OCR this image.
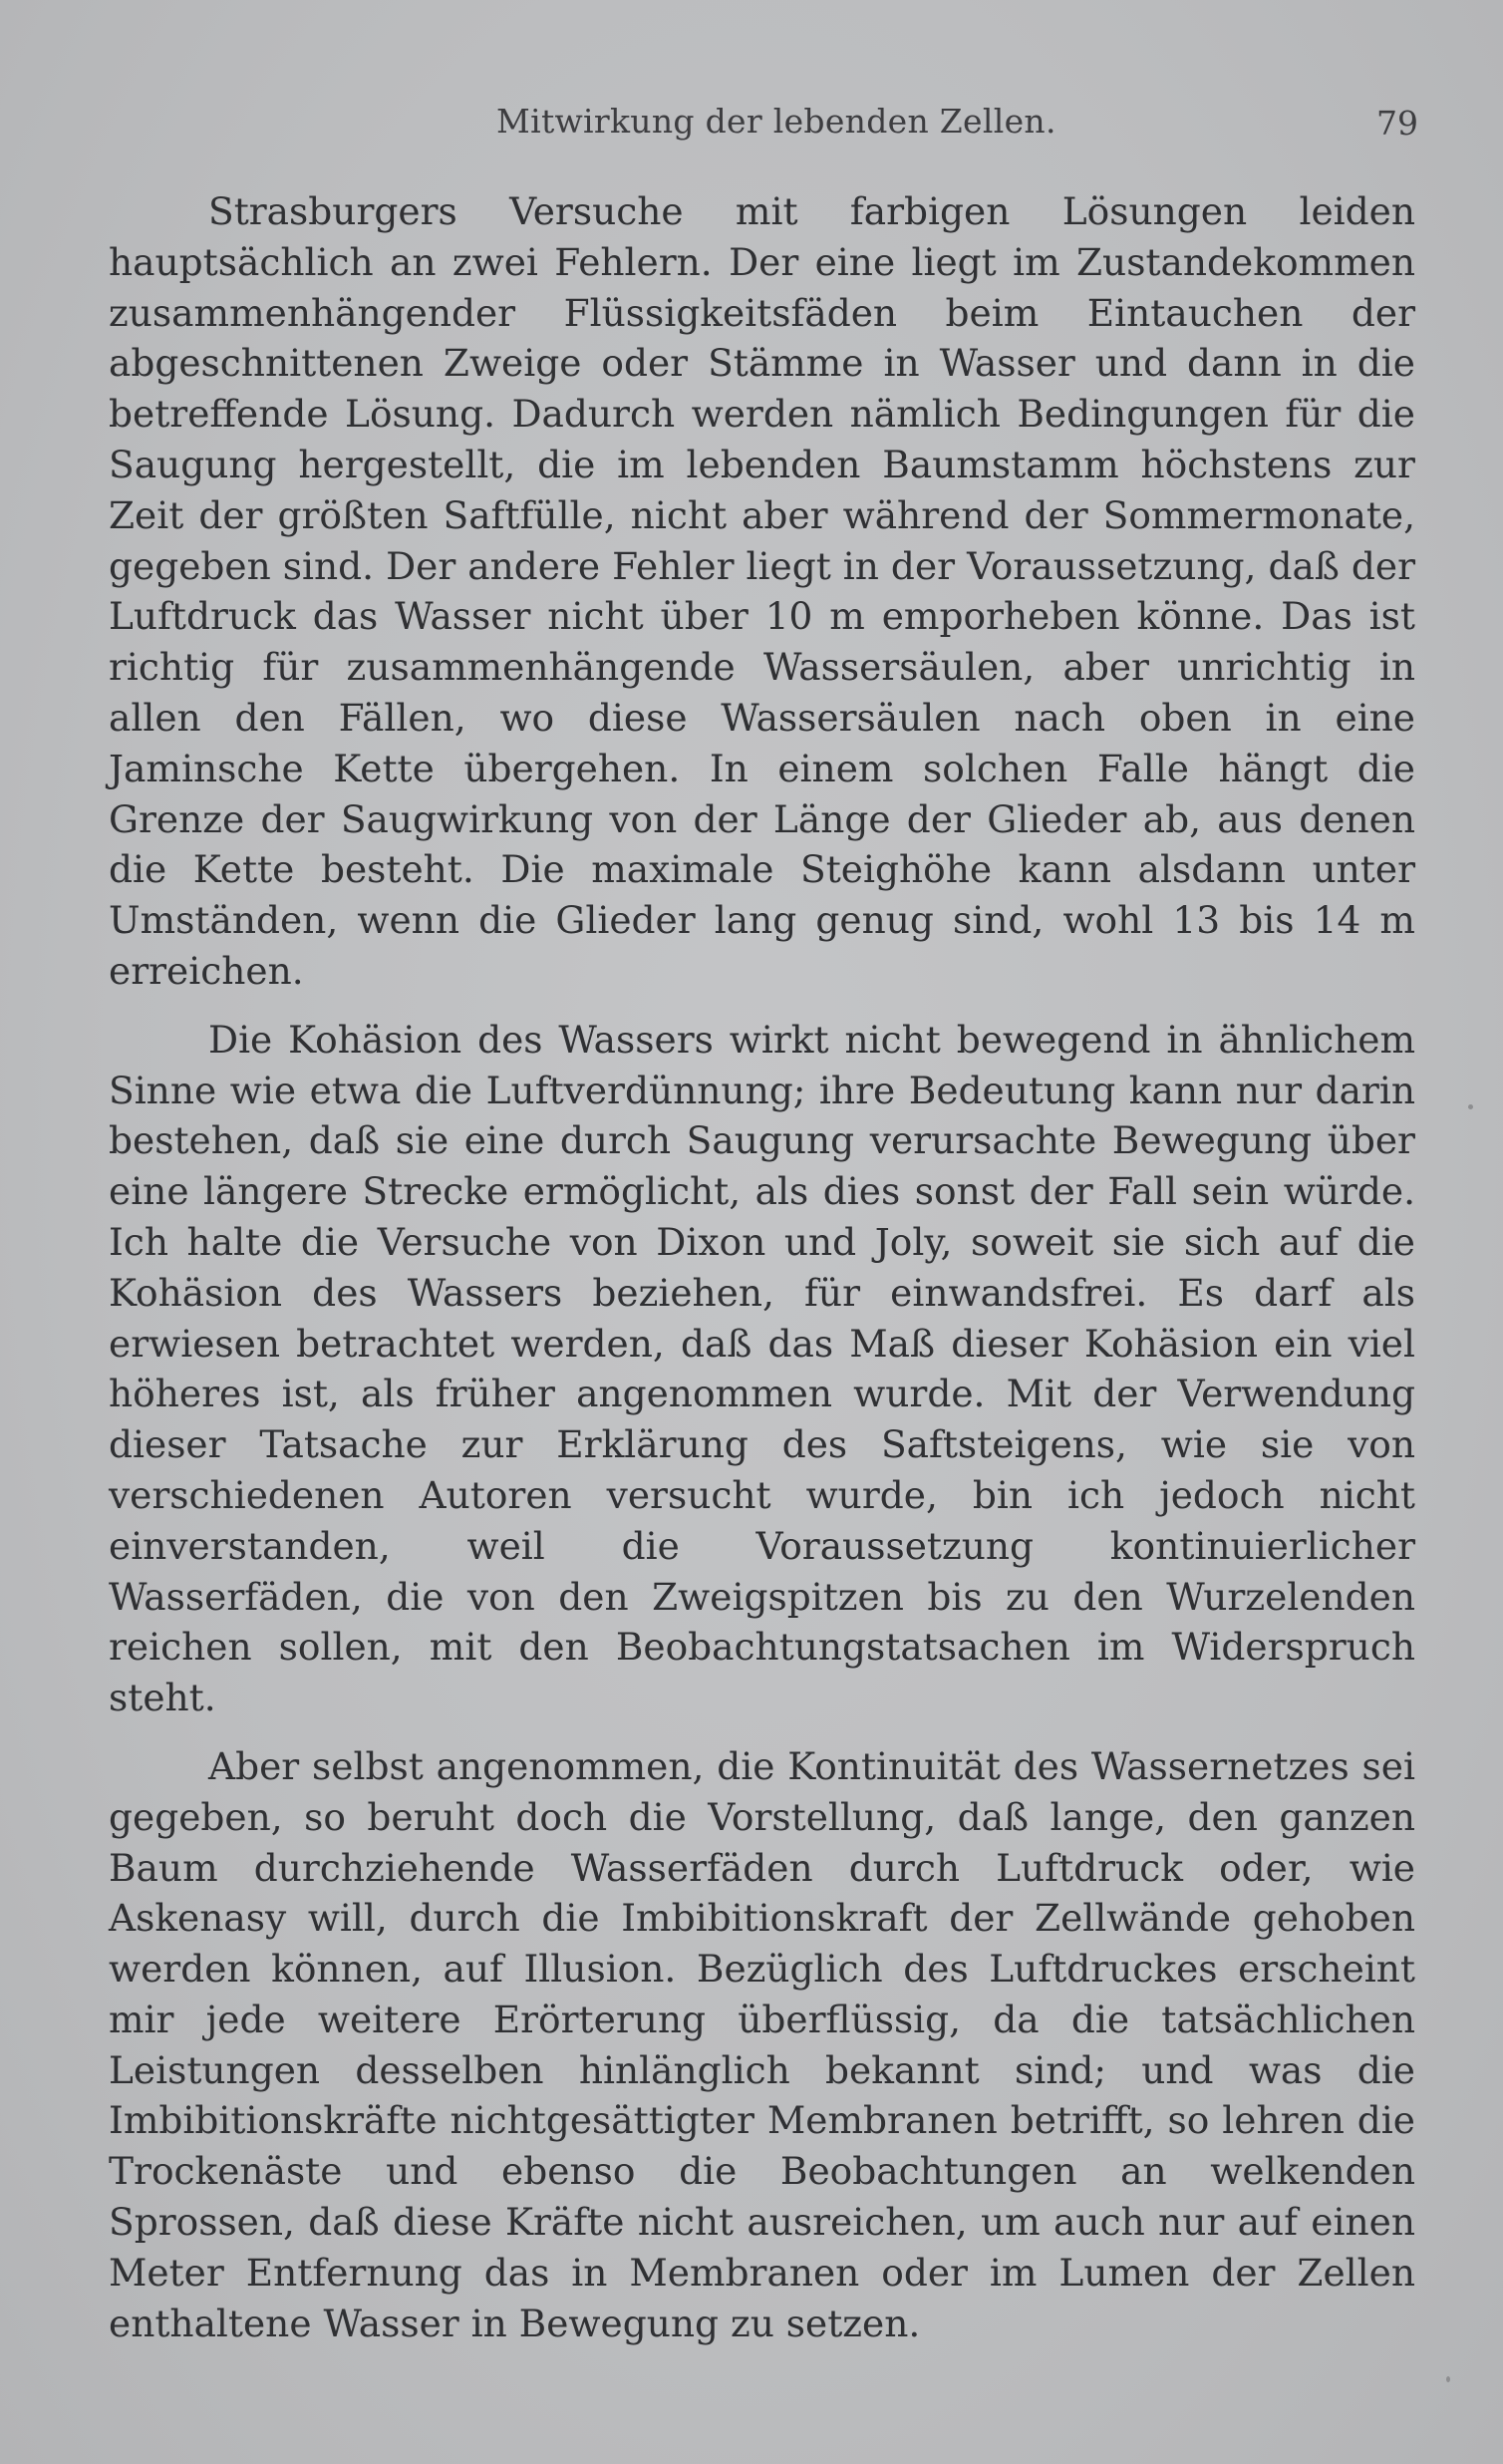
Mitwirkung der lebenden Zellen.	79

Strasburgers Versuche mit farbigen Lösungen leiden hauptsächlich an zwei Fehlern. Der eine liegt im Zustandekommen zusammenhängender Flüssigkeitsfäden beim Eintauchen der abgeschnittenen Zweige oder Stämme in Wasser und dann in die betreffende Lösung. Dadurch werden nämlich Bedingungen für die Saugung hergestellt, die im lebenden Baumstamm höchstens zur Zeit der größten Saftfülle, nicht aber während der Sommermonate, gegeben sind. Der andere Fehler liegt in der Voraussetzung, daß der Luftdruck das Wasser nicht über 10 m emporheben könne. Das ist richtig für zusammenhängende Wassersäulen, aber unrichtig in allen den Fällen, wo diese Wassersäulen nach oben in eine Jaminsche Kette übergehen. In einem solchen Falle hängt die Grenze der Saugwirkung von der Länge der Glieder ab, aus denen die Kette besteht. Die maximale Steighöhe kann alsdann unter Umständen, wenn die Glieder lang genug sind, wohl 13 bis 14 m erreichen.

Die Kohäsion des Wassers wirkt nicht bewegend in ähnlichem Sinne wie etwa die Luftverdünnung; ihre Bedeutung kann nur darin bestehen, daß sie eine durch Saugung verursachte Bewegung über eine längere Strecke ermöglicht, als dies sonst der Fall sein würde. Ich halte die Versuche von Dixon und Joly, soweit sie sich auf die Kohäsion des Wassers beziehen, für einwandsfrei. Es darf als erwiesen betrachtet werden, daß das Maß dieser Kohäsion ein viel höheres ist, als früher angenommen wurde. Mit der Verwendung dieser Tatsache zur Erklärung des Saftsteigens, wie sie von verschiedenen Autoren versucht wurde, bin ich jedoch nicht einverstanden, weil die Voraussetzung kontinuierlicher Wasserfäden, die von den Zweigspitzen bis zu den Wurzelenden reichen sollen, mit den Beobachtungstatsachen im Widerspruch steht.

Aber selbst angenommen, die Kontinuität des Wassernetzes sei gegeben, so beruht doch die Vorstellung, daß lange, den ganzen Baum durchziehende Wasserfäden durch Luftdruck oder, wie Askenasy will, durch die Imbibitionskraft der Zellwände gehoben werden können, auf Illusion. Bezüglich des Luftdruckes erscheint mir jede weitere Erörterung überflüssig, da die tatsächlichen Leistungen desselben hinlänglich bekannt sind; und was die Imbibitionskräfte nichtgesättigter Membranen betrifft, so lehren die Trockenäste und ebenso die Beobachtungen an welkenden Sprossen, daß diese Kräfte nicht ausreichen, um auch nur auf einen Meter Entfernung das in Membranen oder im Lumen der Zellen enthaltene Wasser in Bewegung zu setzen.
